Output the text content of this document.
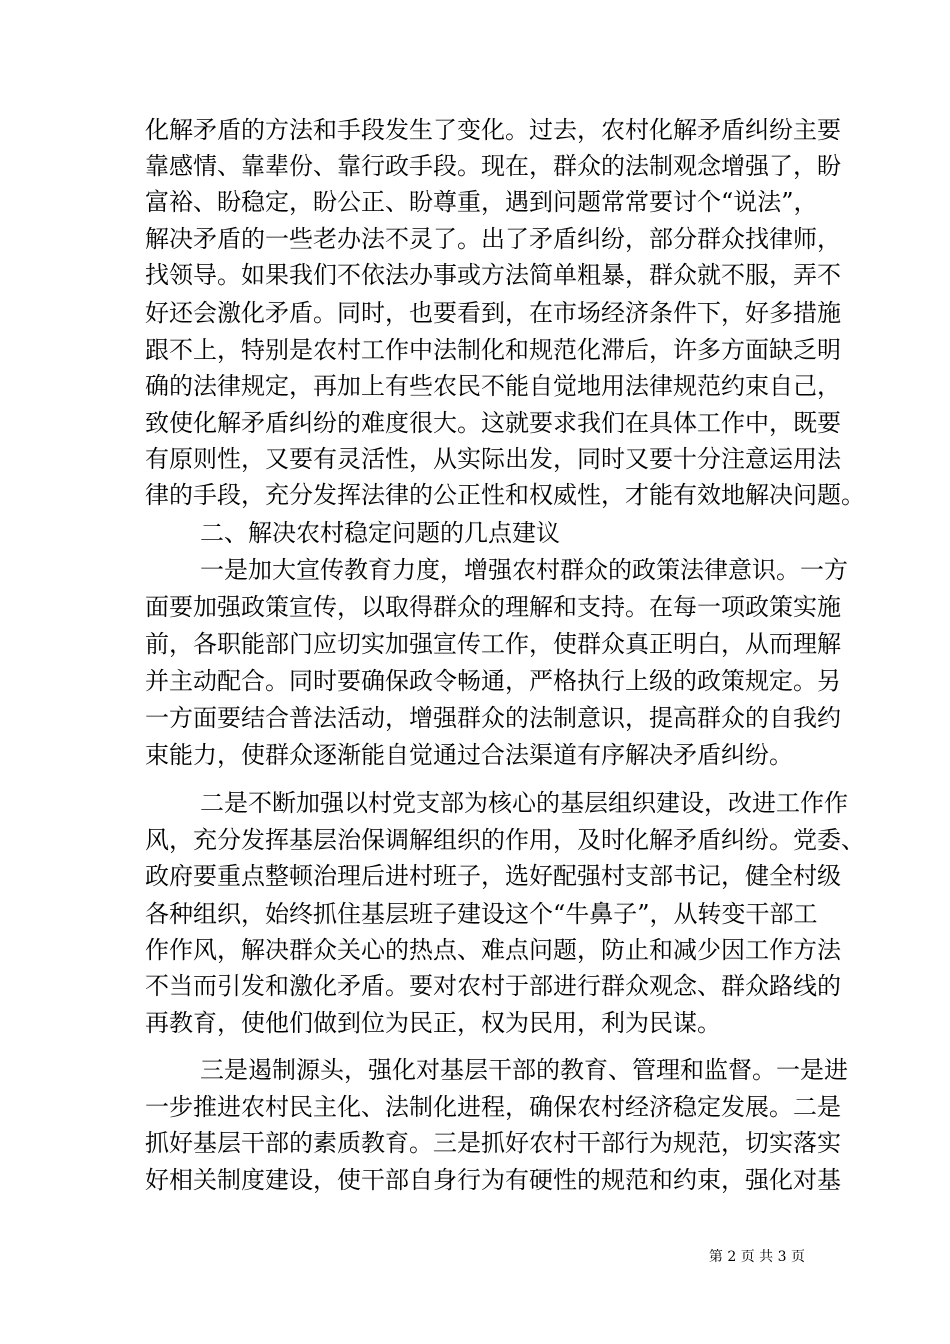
化解矛盾的方法和手段发生了变化。过去，农村化解矛盾纠纷主要

靠感情、靠辈份、靠行政手段。现在，群众的法制观念增强了，盼

富裕、盼稳定，盼公正、盼尊重，遇到问题常常要讨个“说法”，

解决矛盾的一些老办法不灵了。出了矛盾纠纷，部分群众找律师，

找领导。如果我们不依法办事或方法简单粗暴，群众就不服，弄不

好还会激化矛盾。同时，也要看到，在市场经济条件下，好多措施

跟不上，特别是农村工作中法制化和规范化滞后，许多方面缺乏明

确的法律规定，再加上有些农民不能自觉地用法律规范约束自己，

致使化解矛盾纠纷的难度很大。这就要求我们在具体工作中，既要

有原则性，又要有灵活性，从实际出发，同时又要十分注意运用法

律的手段，充分发挥法律的公正性和权威性，才能有效地解决问题。

二、解决农村稳定问题的几点建议

一是加大宣传教育力度，增强农村群众的政策法律意识。一方

面要加强政策宣传，以取得群众的理解和支持。在每一项政策实施

前，各职能部门应切实加强宣传工作，使群众真正明白，从而理解

并主动配合。同时要确保政令畅通，严格执行上级的政策规定。另

一方面要结合普法活动，增强群众的法制意识，提高群众的自我约

束能力，使群众逐渐能自觉通过合法渠道有序解决矛盾纠纷。

二是不断加强以村党支部为核心的基层组织建设，改进工作作

风，充分发挥基层治保调解组织的作用，及时化解矛盾纠纷。党委、

政府要重点整顿治理后进村班子，选好配强村支部书记，健全村级

各种组织，始终抓住基层班子建设这个“牛鼻子”，从转变干部工

作作风，解决群众关心的热点、难点问题，防止和减少因工作方法

不当而引发和激化矛盾。要对农村于部进行群众观念、群众路线的

再教育，使他们做到位为民正，权为民用，利为民谋。

三是遏制源头，强化对基层干部的教育、管理和监督。一是进

一步推进农村民主化、法制化进程，确保农村经济稳定发展。二是

抓好基层干部的素质教育。三是抓好农村干部行为规范，切实落实

好相关制度建设，使干部自身行为有硬性的规范和约束，强化对基

第 2 页 共 3 页
